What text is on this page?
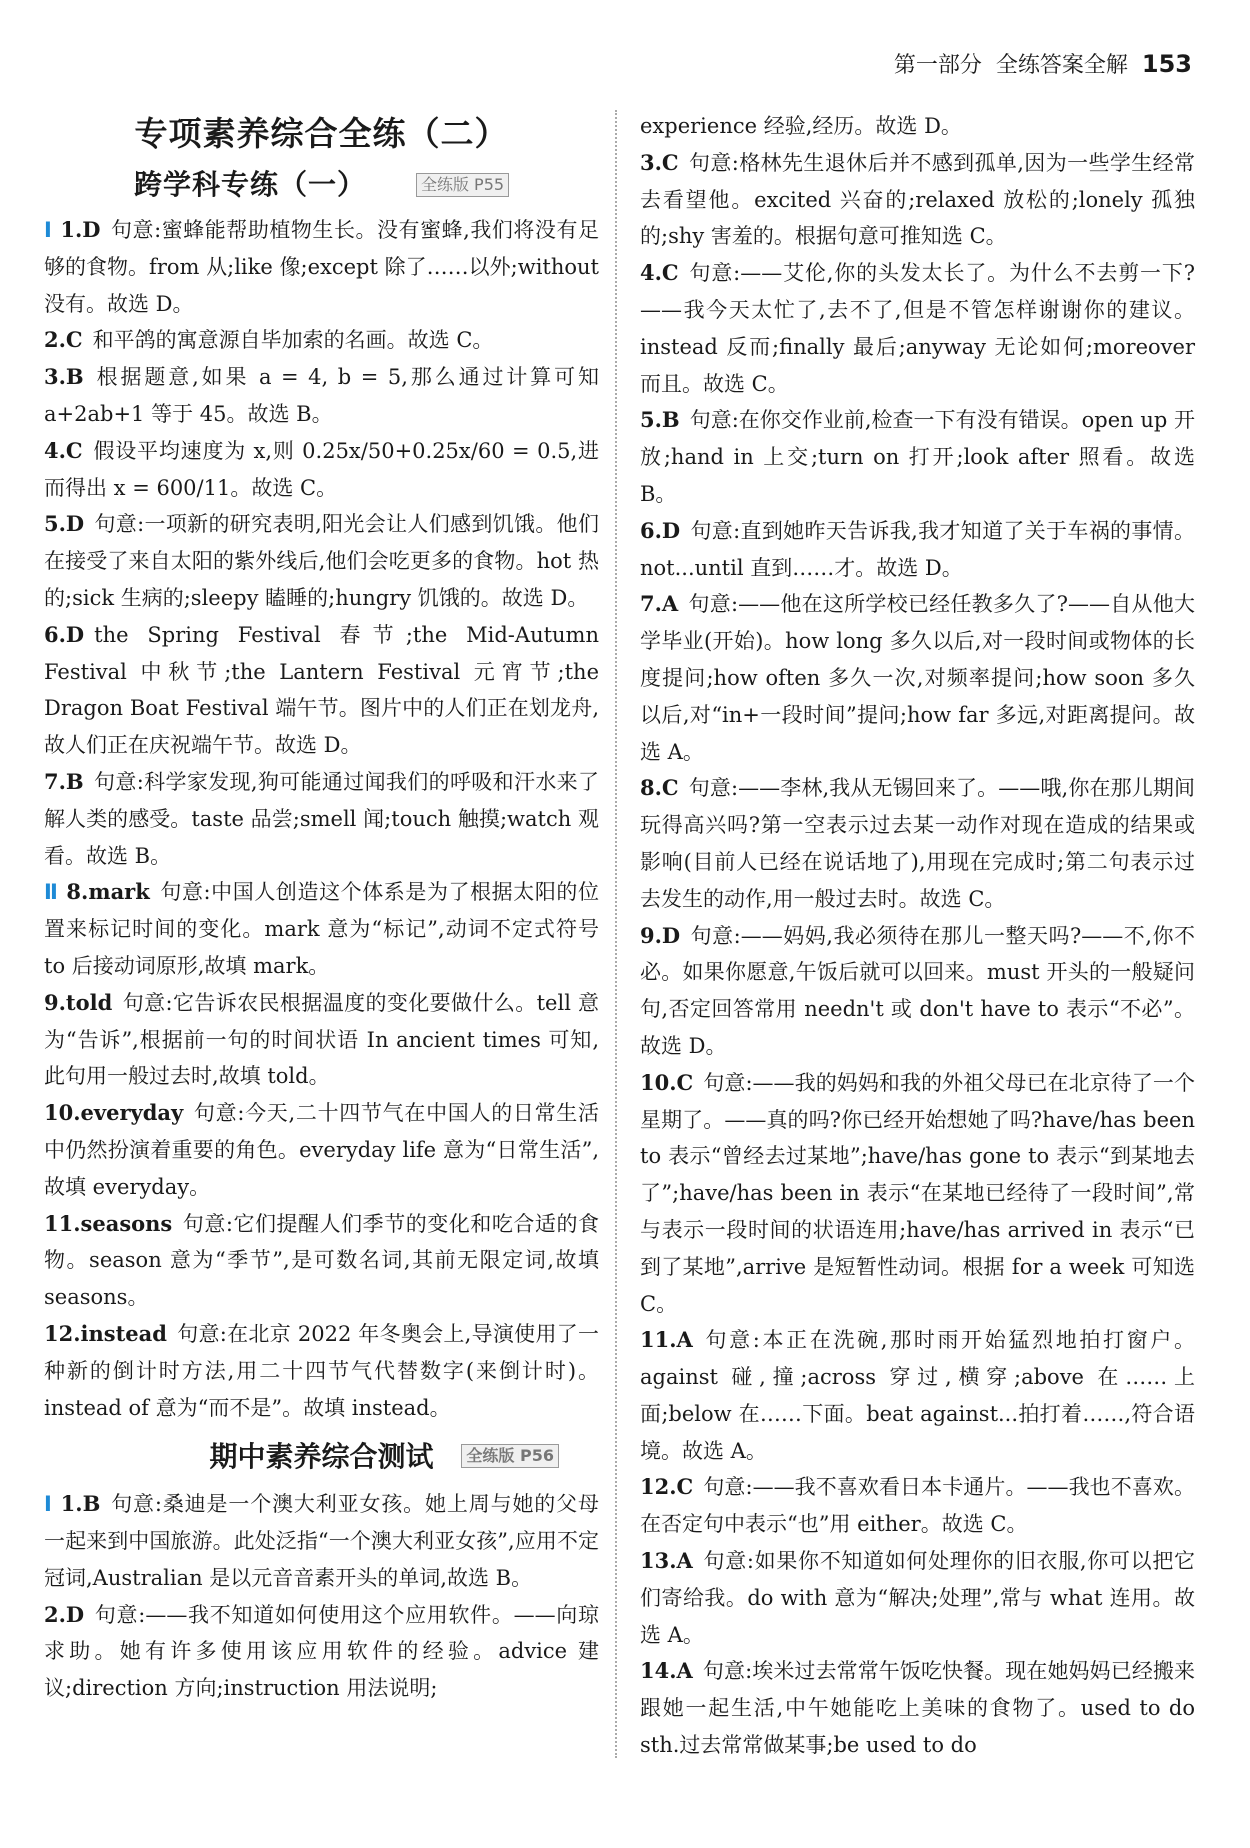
第一部分 全练答案全解 153
专项素养综合全练（二）
跨学科专练（一）	全练版 P55
Ⅰ 1.D 句意:蜜蜂能帮助植物生长。没有蜜蜂,我们将没有足够的食物。from 从;like 像;except 除了……以外;without 没有。故选 D。
2.C 和平鸽的寓意源自毕加索的名画。故选 C。
3.B 根据题意,如果 a = 4, b = 5,那么通过计算可知 a+2ab+1 等于 45。故选 B。
4.C 假设平均速度为 x,则 0.25x/50+0.25x/60 = 0.5,进而得出 x = 600/11。故选 C。
5.D 句意:一项新的研究表明,阳光会让人们感到饥饿。他们在接受了来自太阳的紫外线后,他们会吃更多的食物。hot 热的;sick 生病的;sleepy 瞌睡的;hungry 饥饿的。故选 D。
6.D the Spring Festival 春节;the Mid-Autumn Festival 中秋节;the Lantern Festival 元宵节;the Dragon Boat Festival 端午节。图片中的人们正在划龙舟,故人们正在庆祝端午节。故选 D。
7.B 句意:科学家发现,狗可能通过闻我们的呼吸和汗水来了解人类的感受。taste 品尝;smell 闻;touch 触摸;watch 观看。故选 B。
Ⅱ 8.mark 句意:中国人创造这个体系是为了根据太阳的位置来标记时间的变化。mark 意为“标记”,动词不定式符号 to 后接动词原形,故填 mark。
9.told 句意:它告诉农民根据温度的变化要做什么。tell 意为“告诉”,根据前一句的时间状语 In ancient times 可知,此句用一般过去时,故填 told。
10.everyday 句意:今天,二十四节气在中国人的日常生活中仍然扮演着重要的角色。everyday life 意为“日常生活”,故填 everyday。
11.seasons 句意:它们提醒人们季节的变化和吃合适的食物。season 意为“季节”,是可数名词,其前无限定词,故填 seasons。
12.instead 句意:在北京 2022 年冬奥会上,导演使用了一种新的倒计时方法,用二十四节气代替数字(来倒计时)。instead of 意为“而不是”。故填 instead。
期中素养综合测试	全练版 P56
Ⅰ 1.B 句意:桑迪是一个澳大利亚女孩。她上周与她的父母一起来到中国旅游。此处泛指“一个澳大利亚女孩”,应用不定冠词,Australian 是以元音音素开头的单词,故选 B。
2.D 句意:——我不知道如何使用这个应用软件。——向琼求助。她有许多使用该应用软件的经验。advice 建议;direction 方向;instruction 用法说明;
experience 经验,经历。故选 D。
3.C 句意:格林先生退休后并不感到孤单,因为一些学生经常去看望他。excited 兴奋的;relaxed 放松的;lonely 孤独的;shy 害羞的。根据句意可推知选 C。
4.C 句意:——艾伦,你的头发太长了。为什么不去剪一下?——我今天太忙了,去不了,但是不管怎样谢谢你的建议。instead 反而;finally 最后;anyway 无论如何;moreover 而且。故选 C。
5.B 句意:在你交作业前,检查一下有没有错误。open up 开放;hand in 上交;turn on 打开;look after 照看。故选 B。
6.D 句意:直到她昨天告诉我,我才知道了关于车祸的事情。not...until 直到……才。故选 D。
7.A 句意:——他在这所学校已经任教多久了?——自从他大学毕业(开始)。how long 多久以后,对一段时间或物体的长度提问;how often 多久一次,对频率提问;how soon 多久以后,对“in+一段时间”提问;how far 多远,对距离提问。故选 A。
8.C 句意:——李林,我从无锡回来了。——哦,你在那儿期间玩得高兴吗?第一空表示过去某一动作对现在造成的结果或影响(目前人已经在说话地了),用现在完成时;第二句表示过去发生的动作,用一般过去时。故选 C。
9.D 句意:——妈妈,我必须待在那儿一整天吗?——不,你不必。如果你愿意,午饭后就可以回来。must 开头的一般疑问句,否定回答常用 needn't 或 don't have to 表示“不必”。故选 D。
10.C 句意:——我的妈妈和我的外祖父母已在北京待了一个星期了。——真的吗?你已经开始想她了吗?have/has been to 表示“曾经去过某地”;have/has gone to 表示“到某地去了”;have/has been in 表示“在某地已经待了一段时间”,常与表示一段时间的状语连用;have/has arrived in 表示“已到了某地”,arrive 是短暂性动词。根据 for a week 可知选 C。
11.A 句意:本正在洗碗,那时雨开始猛烈地拍打窗户。against 碰,撞;across 穿过,横穿;above 在……上面;below 在……下面。beat against...拍打着……,符合语境。故选 A。
12.C 句意:——我不喜欢看日本卡通片。——我也不喜欢。在否定句中表示“也”用 either。故选 C。
13.A 句意:如果你不知道如何处理你的旧衣服,你可以把它们寄给我。do with 意为“解决;处理”,常与 what 连用。故选 A。
14.A 句意:埃米过去常常午饭吃快餐。现在她妈妈已经搬来跟她一起生活,中午她能吃上美味的食物了。used to do sth.过去常常做某事;be used to do
